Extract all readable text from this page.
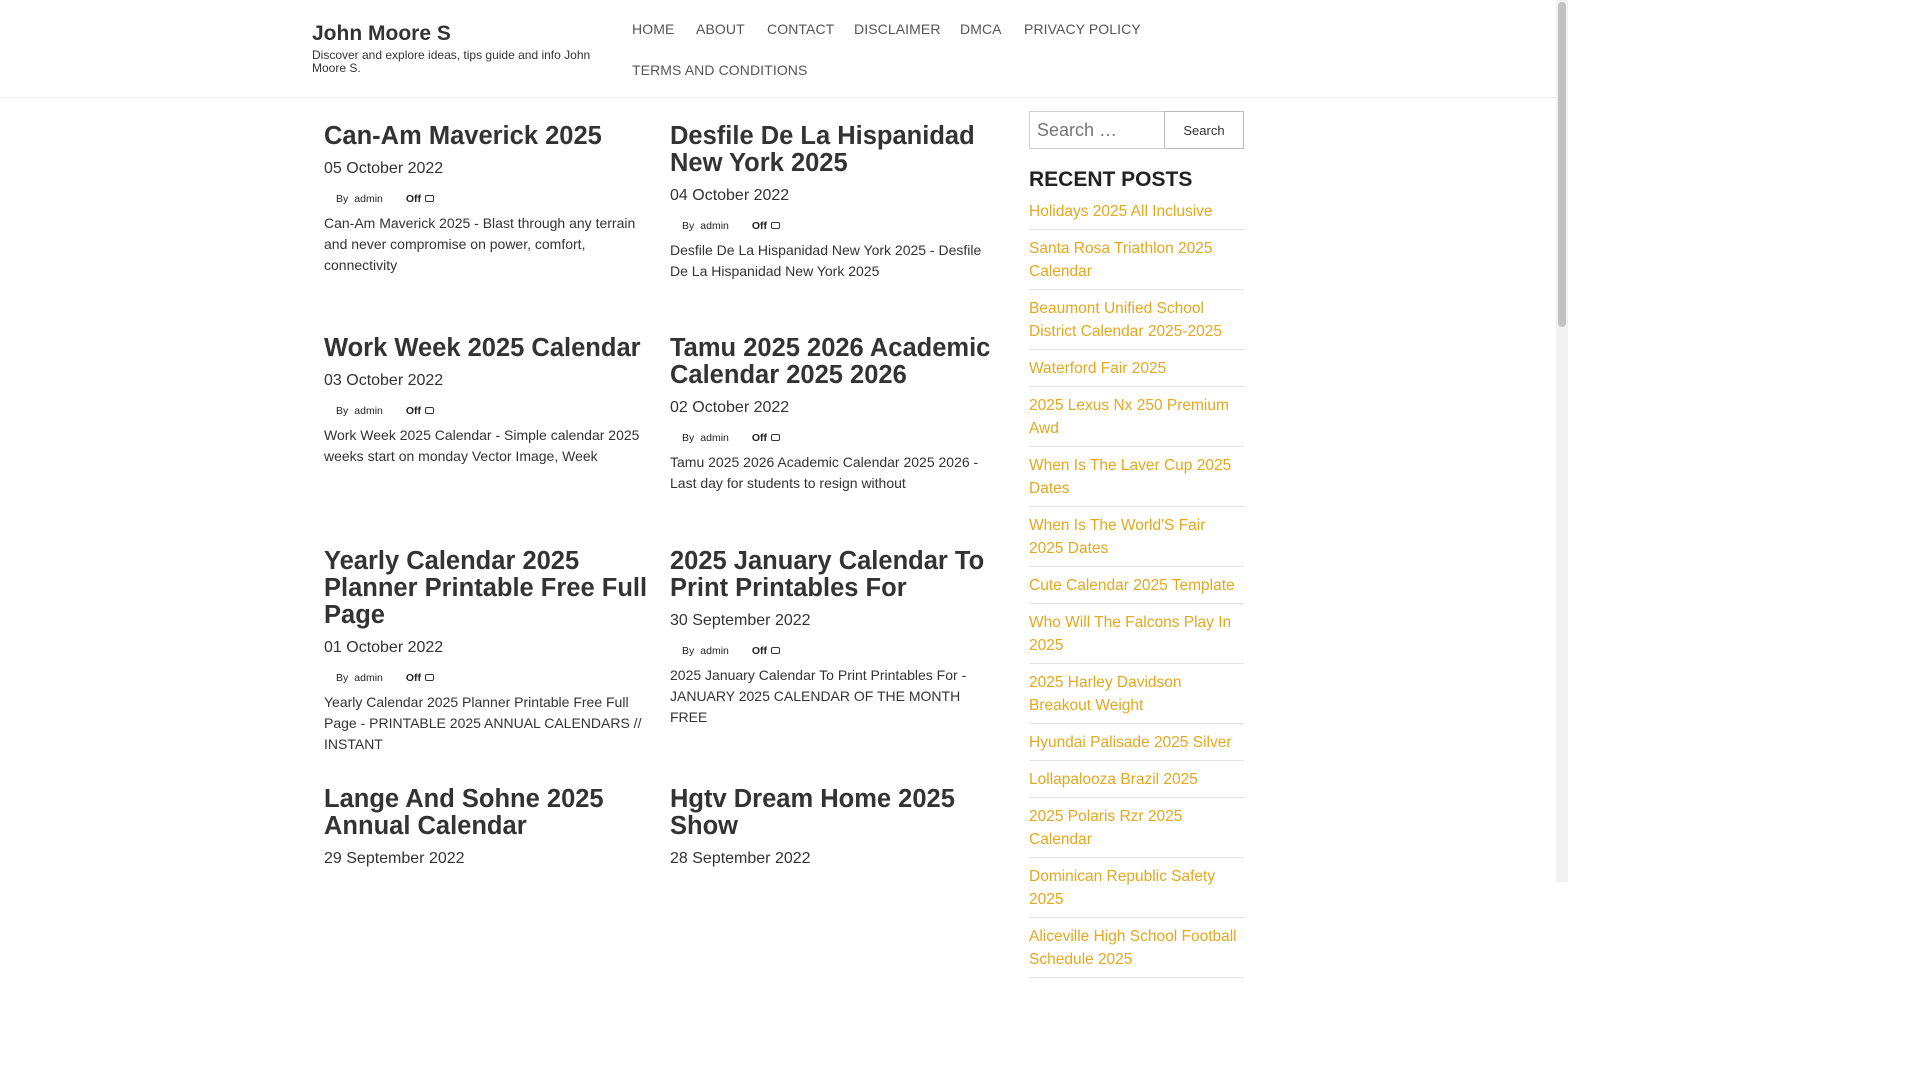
John Moore S
Discover and explore ideas, tips guide and info John Moore S.
HOME ABOUT CONTACT DISCLAIMER DMCA PRIVACY POLICY
TERMS AND CONDITIONS
Can-Am Maverick 2025
05 October 2022
By admin Off

Can-Am Maverick 2025 - Blast through any terrain and never compromise on power, comfort, connectivity

Desfile De La Hispanidad New York 2025
04 October 2022
By admin Off

Desfile De La Hispanidad New York 2025 - Desfile De La Hispanidad New York 2025

Work Week 2025 Calendar
03 October 2022
By admin Off

Work Week 2025 Calendar - Simple calendar 2025 weeks start on monday Vector Image, Week

Tamu 2025 2026 Academic Calendar 2025 2026
02 October 2022
By admin Off

Tamu 2025 2026 Academic Calendar 2025 2026 - Last day for students to resign without

Yearly Calendar 2025 Planner Printable Free Full Page
01 October 2022
By admin Off

Yearly Calendar 2025 Planner Printable Free Full Page - PRINTABLE 2025 ANNUAL CALENDARS // INSTANT

2025 January Calendar To Print Printables For
30 September 2022
By admin Off

2025 January Calendar To Print Printables For - JANUARY 2025 CALENDAR OF THE MONTH FREE

Lange And Sohne 2025 Annual Calendar
29 September 2022
Hgtv Dream Home 2025 Show
28 September 2022
Search …
Search
RECENT POSTS
Holidays 2025 All Inclusive
Santa Rosa Triathlon 2025 Calendar
Beaumont Unified School District Calendar 2025-2025
Waterford Fair 2025
2025 Lexus Nx 250 Premium Awd
When Is The Laver Cup 2025 Dates
When Is The World'S Fair 2025 Dates
Cute Calendar 2025 Template
Who Will The Falcons Play In 2025
2025 Harley Davidson Breakout Weight
Hyundai Palisade 2025 Silver
Lollapalooza Brazil 2025
2025 Polaris Rzr 2025 Calendar
Dominican Republic Safety 2025
Aliceville High School Football Schedule 2025
